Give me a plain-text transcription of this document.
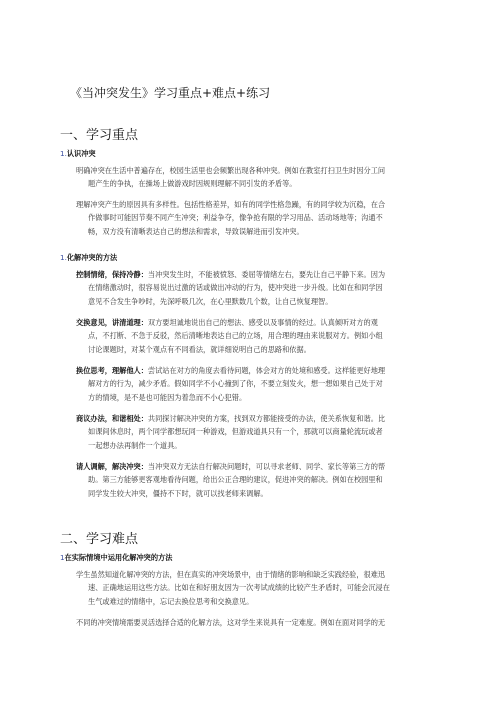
《当冲突发生》学习重点+难点+练习
一、学习重点
1.认识冲突
明确冲突在生活中普遍存在，校园生活里也会频繁出现各种冲突。例如在教室打扫卫生时因分工问
题产生的争执，在操场上做游戏时因规则理解不同引发的矛盾等。
理解冲突产生的原因具有多样性。包括性格差异，如有的同学性格急躁，有的同学较为沉稳，在合
作做事时可能因节奏不同产生冲突；利益争夺，像争抢有限的学习用品、活动场地等；沟通不
畅，双方没有清晰表达自己的想法和需求，导致误解进而引发冲突。
1.化解冲突的方法
控制情绪，保持冷静：当冲突发生时，不能被愤怒、委屈等情绪左右，要先让自己平静下来。因为
在情绪激动时，很容易说出过激的话或做出冲动的行为，使冲突进一步升级。比如在和同学因
意见不合发生争吵时，先深呼吸几次，在心里默数几个数，让自己恢复理智。
交换意见，讲清道理：双方要坦诚地说出自己的想法、感受以及事情的经过。认真倾听对方的观
点，不打断、不急于反驳，然后清晰地表达自己的立场，用合理的理由来说服对方。例如小组
讨论课题时，对某个观点有不同看法，就详细说明自己的思路和依据。
换位思考，理解他人：尝试站在对方的角度去看待问题，体会对方的处境和感受。这样能更好地理
解对方的行为，减少矛盾。假如同学不小心撞到了你，不要立刻发火，想一想如果自己处于对
方的情境，是不是也可能因为着急而不小心犯错。
商议办法，和谐相处：共同探讨解决冲突的方案，找到双方都能接受的办法，使关系恢复和谐。比
如课间休息时，两个同学都想玩同一种游戏，但游戏道具只有一个，那就可以商量轮流玩或者
一起想办法再制作一个道具。
请人调解，解决冲突：当冲突双方无法自行解决问题时，可以寻求老师、同学、家长等第三方的帮
助。第三方能够更客观地看待问题，给出公正合理的建议，促进冲突的解决。例如在校园里和
同学发生较大冲突，僵持不下时，就可以找老师来调解。
二、学习难点
1在实际情境中运用化解冲突的方法
学生虽然知道化解冲突的方法，但在真实的冲突场景中，由于情绪的影响和缺乏实践经验，很难迅
速、正确地运用这些方法。比如在和好朋友因为一次考试成绩的比较产生矛盾时，可能会沉浸在
生气或难过的情绪中，忘记去换位思考和交换意见。
不同的冲突情境需要灵活选择合适的化解方法，这对学生来说具有一定难度。例如在面对同学的无
